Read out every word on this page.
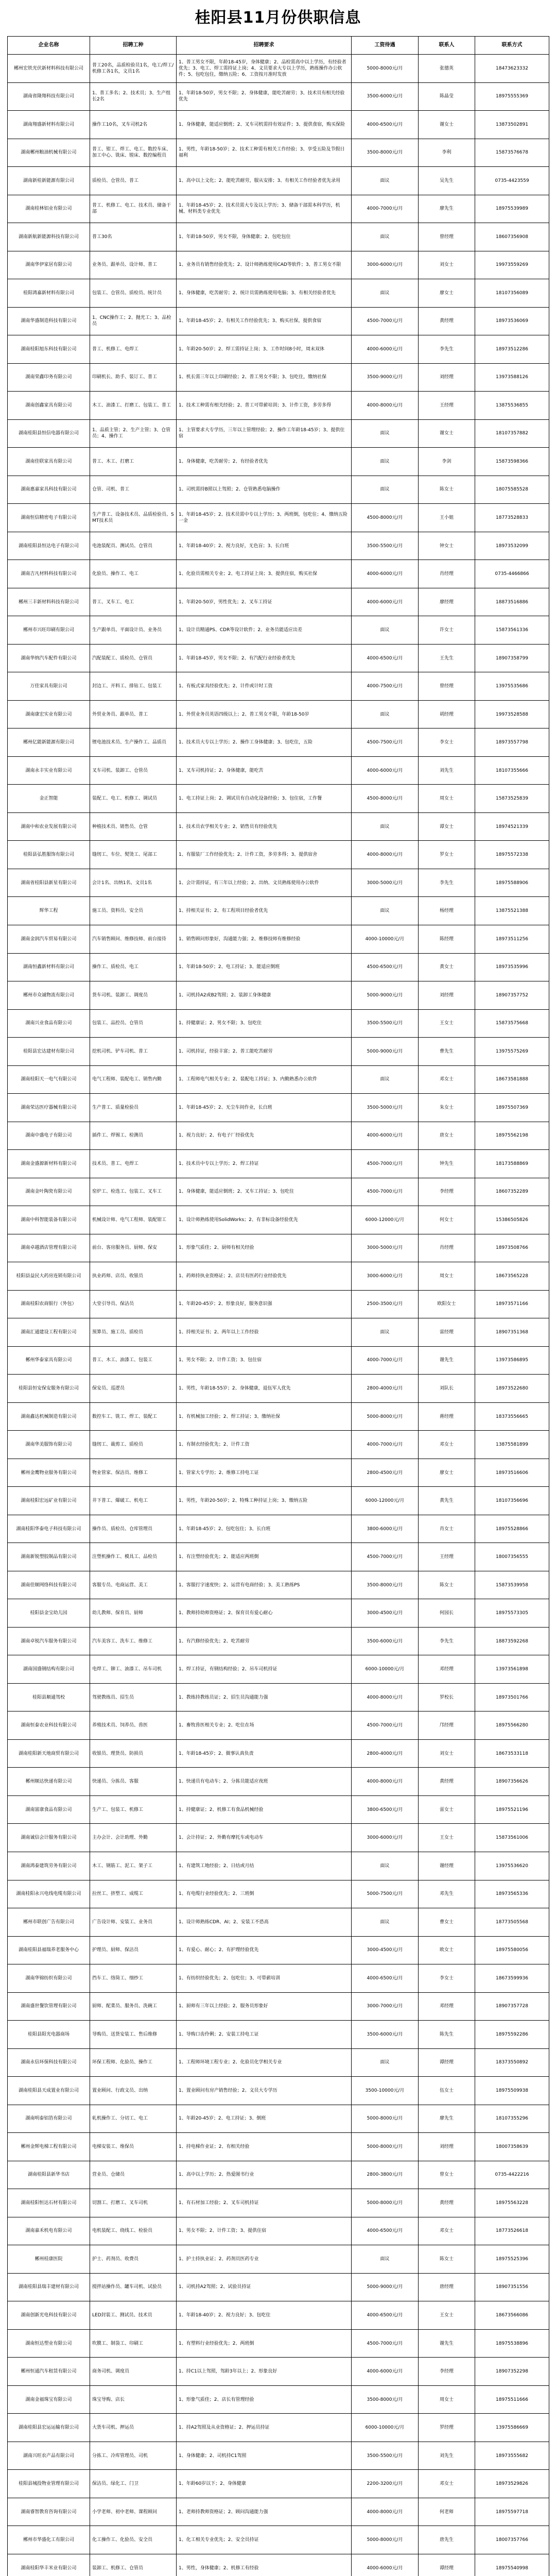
桂阳县11月份供职信息
企业名称	招聘工种	招聘要求	工资待遇	联系人	联系方式
郴州宏铁光伏新材料科技有限公司	普工20名，品质检验员1名，电工/焊工/机修工各1名，文员1名	1、普工男女不限，年龄18-45岁，身体健康；2、品检需高中以上学历，有经验者优先；3、电工、焊工需持证上岗；4、文员要求大专以上学历，熟练操作办公软件；5、包吃包住，缴纳五险；6、工资按月准时发放	5000-8000元/月	张德英	18473623332
湖南省隆翔科技有限公司	1、普工多名；2、技术员；3、生产组长2名	1、年龄18-50岁，男女不限；2、身体健康，能吃苦耐劳；3、技术员有相关经验优先	3500-6000元/月	陈晶莹	18975555369
湖南翔盛新材料有限公司	操作工10名，叉车司机2名	1、身体健康，能适应倒班；2、叉车司机需持有效证件；3、提供食宿，购买保险	4000-6500元/月	谢女士	13873502891
湖南郴州粮油机械有限公司	普工、钳工、焊工、电工、数控车床、加工中心、铣床、镗床、数控编程员	1、男性，年龄18-50岁；2、技术工种需有相关工作经验；3、享受五险及节假日福利	3500-8000元/月	李利	15873576678
湖南新桂新能源有限公司	质检员、仓管员、普工	1、高中以上文化；2、能吃苦耐劳，服从安排；3、有相关工作经验者优先录用	面议	吴先生	0735-4423559
湖南桂林铝业有限公司	普工、机修工、电工、技术员、储备干部	1、年龄18-45岁；2、技术员需大专及以上学历；3、储备干部需本科学历，机械、材料类专业优先	4000-7000元/月	廖先生	18975539989
湖南新航新能源科技有限公司	普工30名	1、年龄18-50岁，男女不限，身体健康；2、包吃包住	面议	曾经理	18607356908
湖南华伊家居有限公司	业务员、跟单员、设计师、普工	1、业务员有销售经验优先；2、设计师熟练使用CAD等软件；3、普工男女不限	3000-6000元/月	刘女士	19973559269
桂阳鸿嘉新材料有限公司	包装工、仓管员、质检员、统计员	1、身体健康，吃苦耐劳；2、统计员需熟练使用电脑；3、有相关经验者优先	面议	廖女士	18107356089
湖南华盛制造科技有限公司	1、CNC操作工；2、抛光工；3、品检员	1、年龄18-45岁；2、有相关工作经验优先；3、购买社保，提供食宿	4500-7000元/月	黄经理	18973536069
湖南桂阳旭东科技有限公司	普工、机修工、电焊工	1、年龄20-50岁；2、焊工需持证上岗；3、工作时间8小时，周末双休	4000-6000元/月	李先生	18973512286
湖南荣鑫印务有限公司	印刷机长、助手、装订工、普工	1、机长需三年以上印刷经验；2、普工男女不限；3、包吃住，缴纳社保	3500-9000元/月	刘经理	13973588126
湖南创鑫家具有限公司	木工、油漆工、打磨工、包装工、普工	1、技术工种需有相关经验；2、普工可带薪培训；3、计件工资，多劳多得	4000-8000元/月	王经理	13875536855
湖南桂阳县恒信电器有限公司	1、品质主管；2、生产主管；3、仓管员；4、操作工	1、主管要求大专学历，三年以上管理经验；2、操作工年龄18-45岁；3、提供住宿	面议	谢女士	18107357882
湖南佳联家具有限公司	普工、木工、打磨工	1、身体健康，吃苦耐劳；2、有经验者优先	面议	李剑	15873598366
湖南惠嘉家具科技有限公司	仓管、司机、普工	1、司机需持B照以上驾照；2、仓管熟悉电脑操作	面议	陈女士	18075585528
湖南恒信精密电子有限公司	生产普工、设备技术员、品质检验员、SMT技术员	1、年龄18-45岁；2、技术员需中专以上学历；3、两班倒，包吃住；4、缴纳五险一金	4500-8000元/月	王小姐	18773528833
湖南桂阳县恒达电子有限公司	电池装配员、测试员、仓管员	1、年龄18-40岁；2、视力良好，无色盲；3、长白班	3500-5500元/月	钟女士	18973532099
湖南吉凡材料科技有限公司	化验员、操作工、电工	1、化验员需相关专业；2、电工持证上岗；3、提供住宿，购买社保	4000-6000元/月	肖经理	0735-4466866
郴州三丰新材料科技有限公司	普工、叉车工、电工	1、年龄20-50岁，男性优先；2、叉车工持证	4000-6000元/月	廖经理	18873516886
郴州市兴旺印刷有限公司	生产跟单员、平面设计员、业务员	1、设计员精通PS、CDR等设计软件；2、业务员能适应出差	面议	许女士	15873561336
湖南华纳汽车配件有限公司	汽配装配工、质检员、仓管员	1、年龄18-45岁，男女不限；2、有汽配行业经验者优先	4000-6500元/月	王先生	18907358799
万佳家具有限公司	封边工、开料工、排钻工、包装工	1、有板式家具经验优先；2、计件或计时工资	4000-7500元/月	曾经理	13975535686
湖南康宏实业有限公司	外贸业务员、跟单员、普工	1、外贸业务员英语四级以上；2、普工男女不限，年龄18-50岁	面议	胡经理	19973528588
郴州亿能新能源有限公司	锂电池技术员、生产操作工、品质员	1、技术员大专以上学历；2、操作工身体健康；3、包吃住，五险	4500-7500元/月	李女士	18973557798
湖南永丰实业有限公司	叉车司机、装卸工、仓管员	1、叉车司机持证；2、身体健康，能吃苦	4000-6000元/月	刘先生	18107355666
金正智能	装配工、电工、机修工、调试员	1、电工持证上岗；2、调试员有自动化设备经验；3、包住宿，工作餐	4500-8000元/月	周女士	15873525839
湖南中和农业发展有限公司	种植技术员、销售员、仓管	1、技术员农学相关专业；2、销售员有经验优先	面议	谭女士	18974521339
桂阳县弘胜服饰有限公司	缝纫工、车位、熨烫工、尾部工	1、有服装厂工作经验优先；2、计件工资，多劳多得；3、提供宿舍	4000-8000元/月	罗女士	18975572338
湖南省桂阳县新星有限公司	会计1名、出纳1名、文员1名	1、会计需持证，有三年以上经验；2、出纳、文员熟练使用办公软件	3000-5000元/月	李先生	18975588906
辉华工程	施工员、资料员、安全员	1、持相关证书；2、有工程项目经验者优先	面议	杨经理	13875521388
湖南金润汽车贸易有限公司	汽车销售顾问、维修技师、前台接待	1、销售顾问形象好，沟通能力强；2、维修技师有维修经验	4000-10000元/月	陈经理	18973511256
湖南恒鑫新材料有限公司	操作工、质检员、电工	1、年龄18-50岁；2、电工持证；3、能适应倒班	4500-6500元/月	黄女士	18973535996
郴州市众诚物流有限公司	货车司机、装卸工、调度员	1、司机持A2或B2驾照；2、装卸工身体健康	5000-9000元/月	刘经理	18907357752
湖南兴业食品有限公司	包装工、品控员、仓管员	1、持健康证；2、男女不限；3、包吃住	3500-5500元/月	王女士	15873575668
桂阳县宏达建材有限公司	挖机司机、铲车司机、普工	1、司机持证，经验丰富；2、普工能吃苦耐劳	5000-9000元/月	曹先生	13975575269
湖南桂阳天一电气有限公司	电气工程师、装配电工、销售内勤	1、工程师电气相关专业；2、装配电工持证；3、内勤熟悉办公软件	面议	邓女士	18673581888
湖南荣达医疗器械有限公司	生产普工、质量检验员	1、年龄18-45岁；2、无尘车间作业，长白班	3500-5000元/月	朱女士	18975507369
湖南中盛电子有限公司	插件工、焊锡工、检测员	1、视力良好；2、有电子厂经验优先	4000-6000元/月	唐女士	18975562198
湖南金盛源新材料有限公司	技术员、普工、电焊工	1、技术员中专以上学历；2、焊工持证	4500-7000元/月	钟先生	18173588869
湖南金叶陶瓷有限公司	窑炉工、检选工、包装工、叉车工	1、身体健康，能适应倒班；2、叉车工持证；3、包吃住	4500-7000元/月	李经理	18607352289
湖南中科智能装备有限公司	机械设计师、电气工程师、装配钳工	1、设计师熟练使用SolidWorks；2、有非标设备经验优先	6000-12000元/月	何女士	15386505826
湖南卓越酒店管理有限公司	前台、客房服务员、厨师、保安	1、形象气质佳；2、厨师有相关经验	3000-5000元/月	肖经理	18973508766
桂阳县益民大药房连锁有限公司	执业药师、店员、收银员	1、药师持执业资格证；2、店员有医药行业经验优先	3000-6000元/月	周女士	18673565228
湖南桂阳农商银行（外包）	大堂引导员、保洁员	1、年龄20-45岁；2、形象良好，服务意识强	2500-3500元/月	欧阳女士	18973571166
湖南汇通建设工程有限公司	预算员、施工员、质检员	1、持相关证书；2、两年以上工作经验	面议	雷经理	18907351368
郴州华泰家具有限公司	普工、木工、油漆工、包装工	1、男女不限；2、计件工资；3、包住宿	4000-7000元/月	谢先生	13973586895
桂阳县恒安保安服务有限公司	保安员、巡逻员	1、男性，年龄18-55岁；2、身体健康，退伍军人优先	2800-4000元/月	刘队长	18973522680
湖南鑫达机械制造有限公司	数控车工、铣工、焊工、装配工	1、有机械加工经验；2、焊工持证；3、缴纳社保	5000-8000元/月	蒋经理	18373556665
湖南华美服饰有限公司	缝纫工、裁剪工、质检员	1、有制衣经验优先；2、计件工资	4000-7000元/月	邓女士	13875581899
郴州金鹰物业服务有限公司	物业管家、保洁员、维修工	1、管家大专学历；2、维修工持电工证	2800-4500元/月	廖女士	18973516606
湖南桂阳宏远矿业有限公司	井下普工、爆破工、机电工	1、男性，年龄20-50岁；2、特殊工种持证上岗；3、缴纳五险	6000-12000元/月	黄先生	18107356696
湖南桂阳华泰电子科技有限公司	操作员、质检员、仓库管理员	1、年龄18-45岁；2、包吃包住；3、长白班	3800-6000元/月	肖女士	18975528866
湖南新锐塑胶制品有限公司	注塑机操作工、模具工、品检员	1、有注塑经验优先；2、能适应两班倒	4500-7000元/月	王经理	18007356555
湖南佳顺网络科技有限公司	客服专员、电商运营、美工	1、客服打字速度快；2、运营有电商经验；3、美工熟练PS	3500-8000元/月	陈女士	15873539958
桂阳县金宝幼儿园	幼儿教师、保育员、厨师	1、教师持幼师资格证；2、保育员有爱心耐心	3000-4500元/月	何园长	18975573305
湖南卓锐汽车服务有限公司	汽车美容工、洗车工、维修工	1、有汽修经验优先；2、吃苦耐劳	3500-6000元/月	李先生	18873592268
湖南国盛钢结构有限公司	电焊工、铆工、油漆工、吊车司机	1、焊工持证，有钢结构经验；2、吊车司机持证	6000-10000元/月	邓经理	13973561898
桂阳县顺通驾校	驾驶教练员、招生员	1、教练持教练员证；2、招生员沟通能力强	4000-8000元/月	罗校长	18973501766
湖南恒泰农业科技有限公司	养殖技术员、饲养员、兽医	1、畜牧兽医相关专业；2、吃住在场	4500-7000元/月	邝经理	18975566280
湖南桂阳新天地商贸有限公司	收银员、理货员、防损员	1、年龄18-45岁；2、做事认真负责	2800-4000元/月	刘女士	18673533118
郴州顺达快递有限公司	快递员、分拣员、客服	1、快递员有电动车；2、分拣员能适应夜班	4000-8000元/月	黄经理	18907356626
湖南富康食品有限公司	生产工、包装工、机修工	1、持健康证；2、机修工有食品机械经验	3800-6500元/月	雷女士	18975521196
湖南诚信会计服务有限公司	主办会计、会计助理、外勤	1、会计持证；2、外勤有摩托车或电动车	3000-6000元/月	王女士	15873561006
湖南鸿泰建筑劳务有限公司	木工、钢筋工、泥工、架子工	1、有建筑工地经验；2、日结或月结	面议	谢经理	13975536620
湖南桂阳永兴电线电缆有限公司	拉丝工、挤塑工、成缆工	1、有电缆行业经验优先；2、三班倒	5000-7500元/月	邓先生	18973565336
郴州市联创广告有限公司	广告设计师、安装工、业务员	1、设计师熟练CDR、AI；2、安装工不恐高	面议	曹女士	18773505568
湖南桂阳县福瑞养老服务中心	护理员、厨师、保洁员	1、有爱心、耐心；2、有护理经验优先	3000-4500元/月	欧女士	18975580056
湖南华锦纺织有限公司	挡车工、络筒工、细纱工	1、有纺织经验优先；2、包吃住；3、可带薪培训	4000-6500元/月	李女士	18673599936
湖南盛世餐饮管理有限公司	厨师、配菜员、服务员、洗碗工	1、厨师有三年以上经验；2、服务员形象好	3000-7000元/月	邓经理	18907357728
桂阳县阳光电器商场	导购员、送货安装工、售后维修	1、导购口齿伶俐；2、安装工持电工证	3500-6000元/月	陈先生	18975592286
湖南永信环保科技有限公司	环保工程师、化验员、操作工	1、工程师环境工程专业；2、化验员化学相关专业	面议	谭经理	18373550892
湖南桂阳县天成置业有限公司	置业顾问、行政文员、出纳	1、置业顾问有房产销售经验；2、文员大专学历	3500-10000元/月	伍女士	18975509938
湖南明泰铝箔有限公司	轧机操作工、分切工、电工	1、年龄20-45岁；2、电工持证；3、倒班	5000-8000元/月	廖先生	18107355296
郴州金辉电梯工程有限公司	电梯安装工、维保员	1、持电梯作业证；2、有相关经验	5000-8000元/月	刘经理	18007358639
湖南桂阳县新华书店	营业员、仓储员	1、高中以上学历；2、热爱图书行业	2800-3800元/月	曾女士	0735-4422216
湖南桂阳恒达石材有限公司	切割工、打磨工、叉车司机	1、有石材加工经验；2、叉车司机持证	5000-8000元/月	黄经理	18975563228
湖南嘉禾机电有限公司	电机装配工、绕线工、检验员	1、男女不限；2、计件工资；3、提供住宿	4000-6500元/月	邓女士	18773526618
郴州桂康医院	护士、药剂员、收费员	1、护士持执业证；2、药剂员医药专业	面议	陈女士	18975525396
湖南桂阳县瑞丰建材有限公司	搅拌站操作员、罐车司机、试验员	1、司机持A2驾照；2、试验员持证	5000-9000元/月	唐经理	18907351556
湖南创新光电科技有限公司	LED封装工、测试员、技术员	1、年龄18-40岁；2、视力良好；3、包吃住	4000-6500元/月	王女士	18673566086
湖南恒达塑业有限公司	吹膜工、制袋工、印刷工	1、有塑料行业经验优先；2、两班倒	4500-7000元/月	谢先生	18975538896
郴州恒通汽车租赁有限公司	商务司机、调度员	1、持C1以上驾照，驾龄3年以上；2、形象良好	4000-6000元/月	李经理	18907352298
湖南金福珠宝有限公司	珠宝导购、店长	1、形象气质佳；2、店长有管理经验	3500-8000元/月	周女士	18975511666
湖南桂阳县宏运运输有限公司	大货车司机、押运员	1、持A2驾照及从业资格证；2、押运员持证	6000-10000元/月	罗经理	13975586669
湖南兴旺农产品有限公司	分拣工、冷库管理员、司机	1、身体健康；2、司机持C1驾照	3500-5500元/月	刘先生	18973555682
桂阳县城投物业管理有限公司	保洁员、绿化工、门卫	1、年龄60岁以下；2、身体健康	2200-3200元/月	邓女士	18973529826
湖南睿智教育咨询有限公司	小学老师、初中老师、课程顾问	1、老师持教师资格证；2、顾问沟通能力强	4000-8000元/月	何老师	18975597718
郴州市华盛化工有限公司	化工操作工、化验员、安全员	1、化工相关专业优先；2、安全员持证	5000-8000元/月	唐先生	18007357766
湖南桂阳华丰米业有限公司	装卸工、机修工、仓管员	1、男性，身体健康；2、机修工有经验	4000-6000元/月	谭经理	18975540998
